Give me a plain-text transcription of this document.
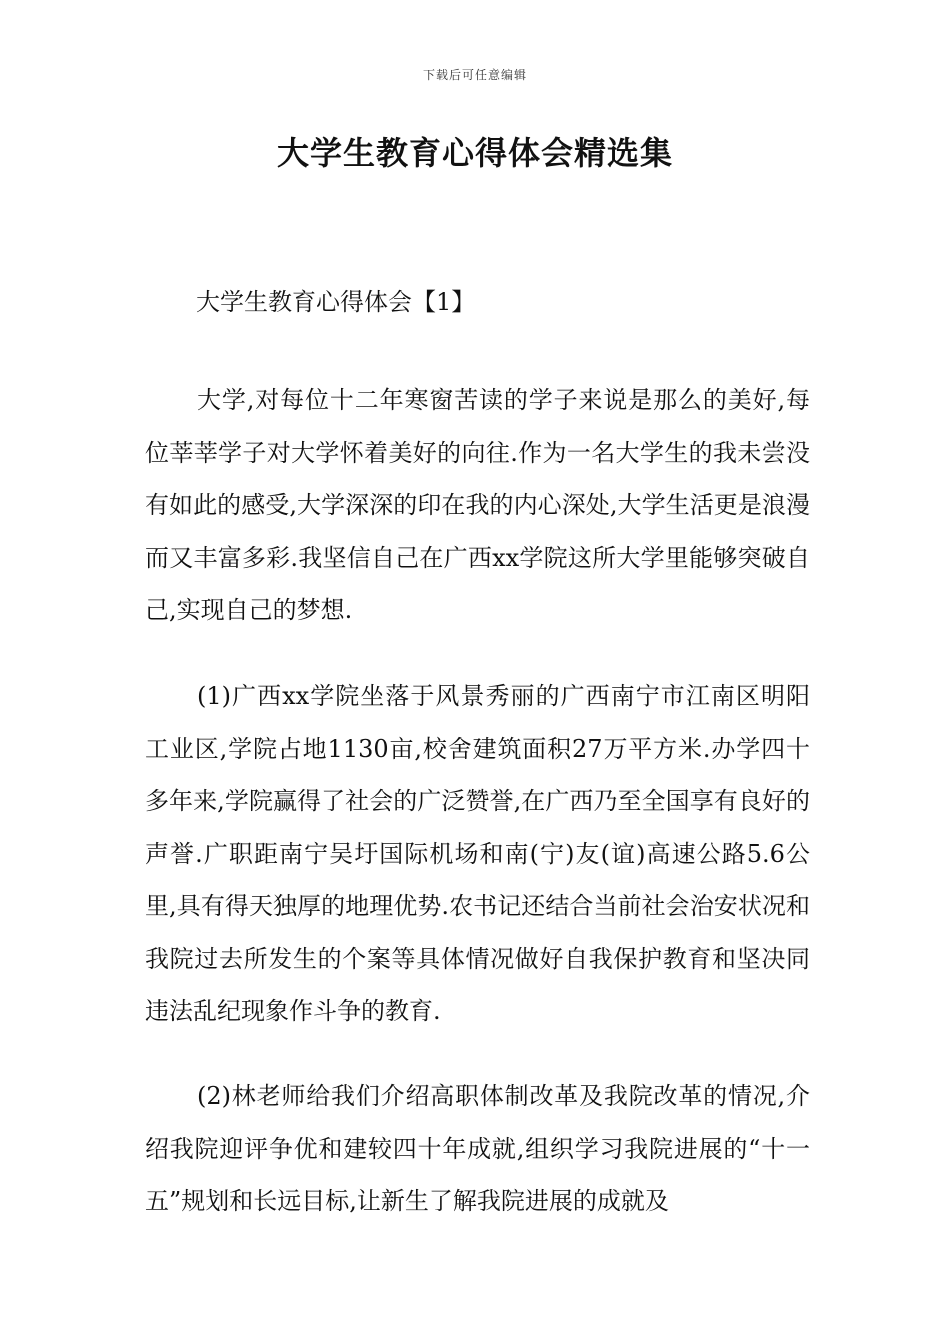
下载后可任意编辑
大学生教育心得体会精选集
大学生教育心得体会【1】

大学,对每位十二年寒窗苦读的学子来说是那么的美好,每位莘莘学子对大学怀着美好的向往.作为一名大学生的我未尝没有如此的感受,大学深深的印在我的内心深处,大学生活更是浪漫而又丰富多彩.我坚信自己在广西xx学院这所大学里能够突破自己,实现自己的梦想.

(1)广西xx学院坐落于风景秀丽的广西南宁市江南区明阳工业区,学院占地1130亩,校舍建筑面积27万平方米.办学四十多年来,学院赢得了社会的广泛赞誉,在广西乃至全国享有良好的声誉.广职距南宁吴圩国际机场和南(宁)友(谊)高速公路5.6公里,具有得天独厚的地理优势.农书记还结合当前社会治安状况和我院过去所发生的个案等具体情况做好自我保护教育和坚决同违法乱纪现象作斗争的教育.

(2)林老师给我们介绍高职体制改革及我院改革的情况,介绍我院迎评争优和建较四十年成就,组织学习我院进展的“十一五”规划和长远目标,让新生了解我院进展的成就及
